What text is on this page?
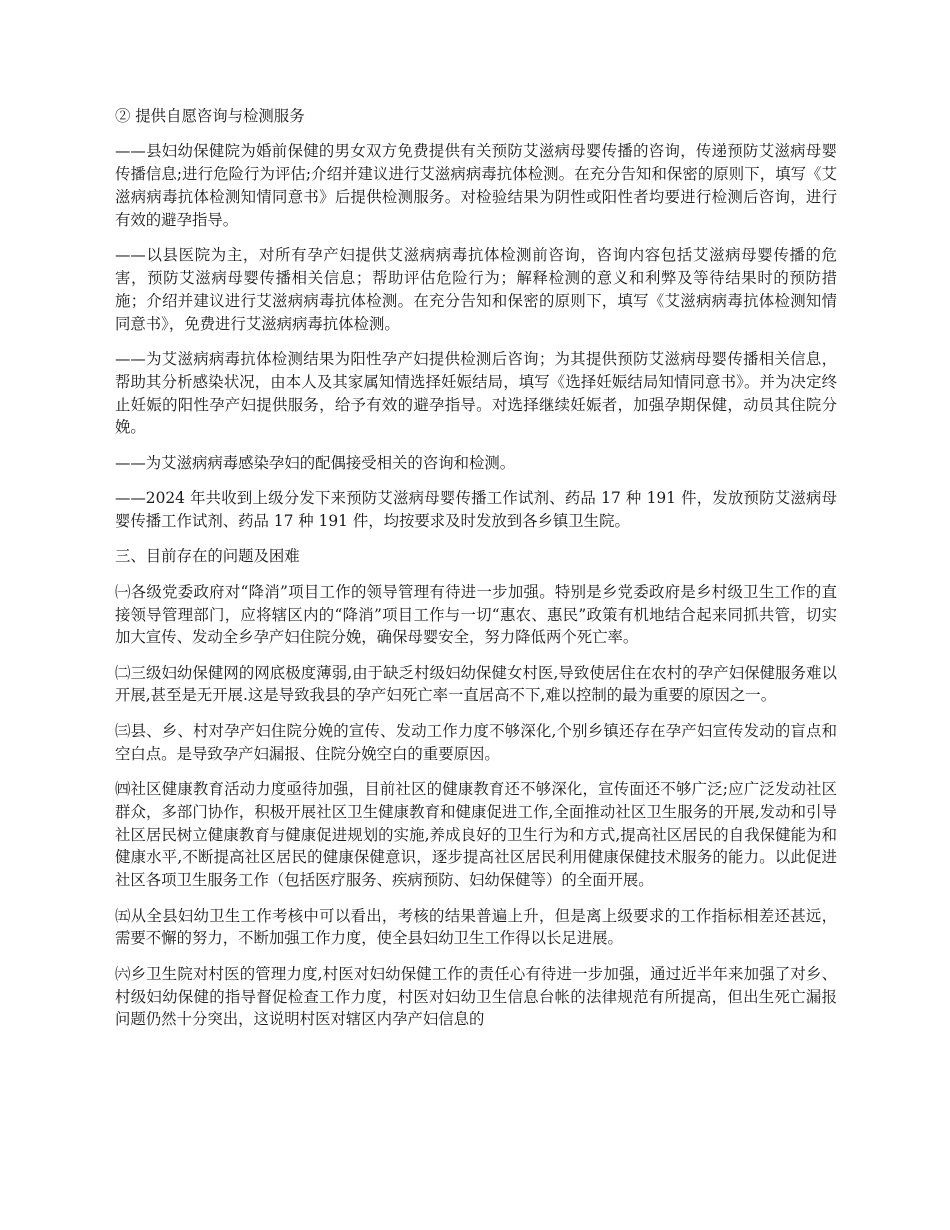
② 提供自愿咨询与检测服务

——县妇幼保健院为婚前保健的男女双方免费提供有关预防艾滋病母婴传播的咨询，传递预防艾滋病母婴传播信息;进行危险行为评估;介绍并建议进行艾滋病病毒抗体检测。在充分告知和保密的原则下，填写《艾滋病病毒抗体检测知情同意书》后提供检测服务。对检验结果为阴性或阳性者均要进行检测后咨询，进行有效的避孕指导。

——以县医院为主，对所有孕产妇提供艾滋病病毒抗体检测前咨询，咨询内容包括艾滋病母婴传播的危害，预防艾滋病母婴传播相关信息；帮助评估危险行为；解释检测的意义和利弊及等待结果时的预防措施；介绍并建议进行艾滋病病毒抗体检测。在充分告知和保密的原则下，填写《艾滋病病毒抗体检测知情同意书》，免费进行艾滋病病毒抗体检测。

——为艾滋病病毒抗体检测结果为阳性孕产妇提供检测后咨询；为其提供预防艾滋病母婴传播相关信息，帮助其分析感染状况，由本人及其家属知情选择妊娠结局，填写《选择妊娠结局知情同意书》。并为决定终止妊娠的阳性孕产妇提供服务，给予有效的避孕指导。对选择继续妊娠者，加强孕期保健，动员其住院分娩。

——为艾滋病病毒感染孕妇的配偶接受相关的咨询和检测。

——2024 年共收到上级分发下来预防艾滋病母婴传播工作试剂、药品 17 种 191 件，发放预防艾滋病母婴传播工作试剂、药品 17 种 191 件，均按要求及时发放到各乡镇卫生院。

三、目前存在的问题及困难

㈠各级党委政府对“降消”项目工作的领导管理有待进一步加强。特别是乡党委政府是乡村级卫生工作的直接领导管理部门，应将辖区内的“降消”项目工作与一切“惠农、惠民”政策有机地结合起来同抓共管，切实加大宣传、发动全乡孕产妇住院分娩，确保母婴安全，努力降低两个死亡率。

㈡三级妇幼保健网的网底极度薄弱,由于缺乏村级妇幼保健女村医,导致使居住在农村的孕产妇保健服务难以开展,甚至是无开展.这是导致我县的孕产妇死亡率一直居高不下,难以控制的最为重要的原因之一。

㈢县、乡、村对孕产妇住院分娩的宣传、发动工作力度不够深化,个别乡镇还存在孕产妇宣传发动的盲点和空白点。是导致孕产妇漏报、住院分娩空白的重要原因。

㈣社区健康教育活动力度亟待加强，目前社区的健康教育还不够深化，宣传面还不够广泛;应广泛发动社区群众，多部门协作，积极开展社区卫生健康教育和健康促进工作,全面推动社区卫生服务的开展,发动和引导社区居民树立健康教育与健康促进规划的实施,养成良好的卫生行为和方式,提高社区居民的自我保健能为和健康水平,不断提高社区居民的健康保健意识，逐步提高社区居民利用健康保健技术服务的能力。以此促进社区各项卫生服务工作（包括医疗服务、疾病预防、妇幼保健等）的全面开展。

㈤从全县妇幼卫生工作考核中可以看出，考核的结果普遍上升，但是离上级要求的工作指标相差还甚远，需要不懈的努力，不断加强工作力度，使全县妇幼卫生工作得以长足进展。

㈥乡卫生院对村医的管理力度,村医对妇幼保健工作的责任心有待进一步加强，通过近半年来加强了对乡、村级妇幼保健的指导督促检查工作力度，村医对妇幼卫生信息台帐的法律规范有所提高，但出生死亡漏报问题仍然十分突出，这说明村医对辖区内孕产妇信息的
